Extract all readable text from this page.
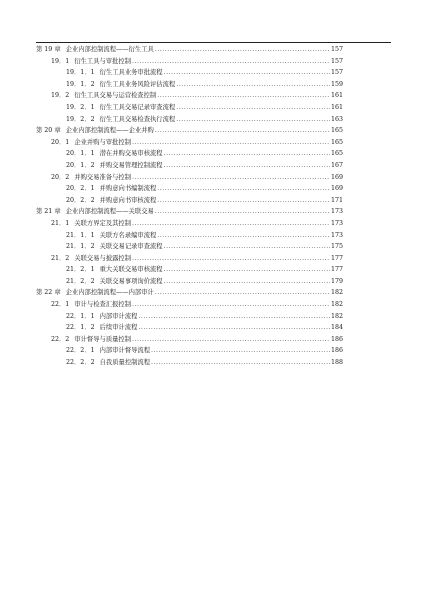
第 19 章 企业内部控制流程——衍生工具 .....	157
19．1 衍生工具与审批控制 .....	157
19．1．1 衍生工具业务审批流程 .....	157
19．1．2 衍生工具业务风险评估流程 .....	159
19．2 衍生工具交易与运营检查控制 .....	161
19．2．1 衍生工具交易记录审查流程 .....	161
19．2．2 衍生工具交易检查执行流程 .....	163
第 20 章 企业内部控制流程——企业并购 .....	165
20．1 企业并购与审批控制 .....	165
20．1．1 潜在并购交易审核流程 .....	165
20．1．2 并购交易管理控制流程 .....	167
20．2 并购交易准备与控制 .....	169
20．2．1 并购意向书编制流程 .....	169
20．2．2 并购意向书审核流程 .....	171
第 21 章 企业内部控制流程——关联交易 .....	173
21．1 关联方界定及其控制 .....	173
21．1．1 关联方名录编审流程 .....	173
21．1．2 关联交易记录审查流程 .....	175
21．2 关联交易与披露控制 .....	177
21．2．1 重大关联交易审核流程 .....	177
21．2．2 关联交易事项询价流程 .....	179
第 22 章 企业内部控制流程——内部审计 .....	182
22．1 审计与检查汇报控制 .....	182
22．1．1 内部审计流程 .....	182
22．1．2 后续审计流程 .....	184
22．2 审计督导与质量控制 .....	186
22．2．1 内部审计督导流程 .....	186
22．2．2 自我质量控制流程 .....	188
